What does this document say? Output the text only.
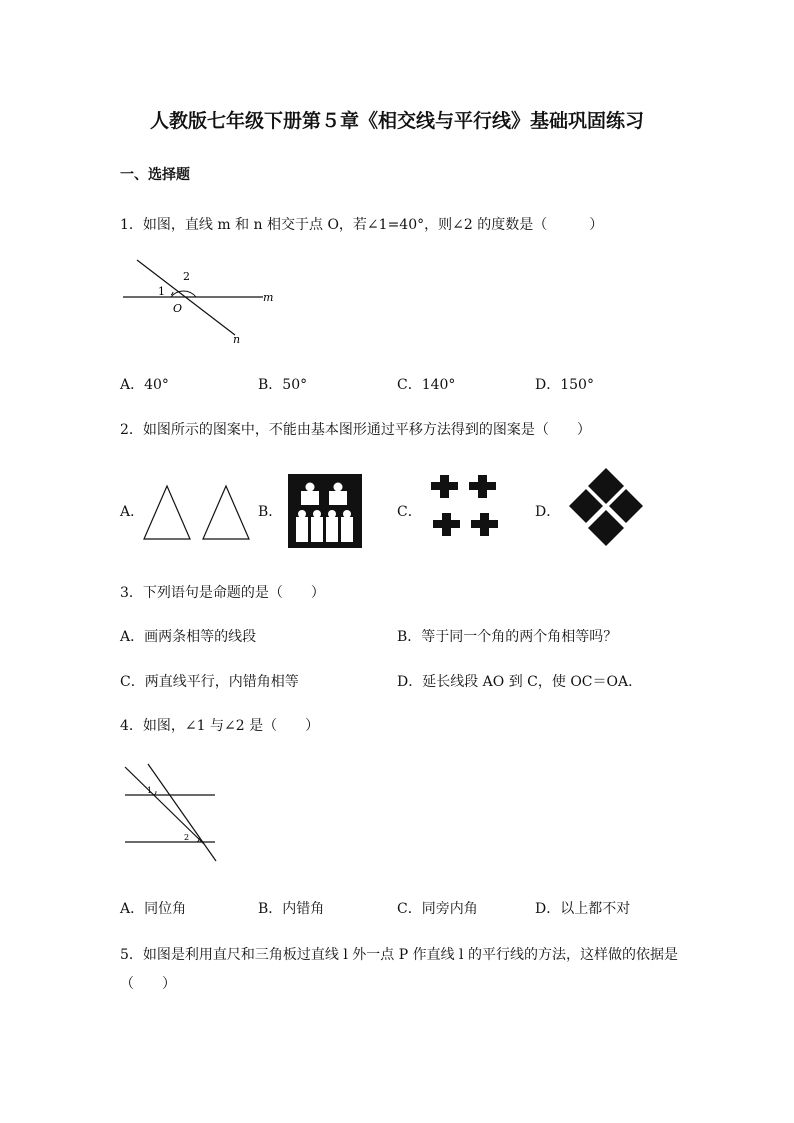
人教版七年级下册第５章《相交线与平行线》基础巩固练习
一、选择题
1．如图，直线 m 和 n 相交于点 O，若∠1=40°，则∠2 的度数是（　　　）
1
2
O
m
n
A．40°	B．50°	C．140°	D．150°
2．如图所示的图案中，不能由基本图形通过平移方法得到的图案是（　　）
A．	B．	C．	D．
3．下列语句是命题的是（　　）
A．画两条相等的线段	B．等于同一个角的两个角相等吗？
C．两直线平行，内错角相等	D．延长线段 AO 到 C，使 OC＝OA．
4．如图，∠1 与∠2 是（　　）
1
2
A．同位角	B．内错角	C．同旁内角	D．以上都不对
5．如图是利用直尺和三角板过直线 l 外一点 P 作直线 l 的平行线的方法，这样做的依据是
（　　）
